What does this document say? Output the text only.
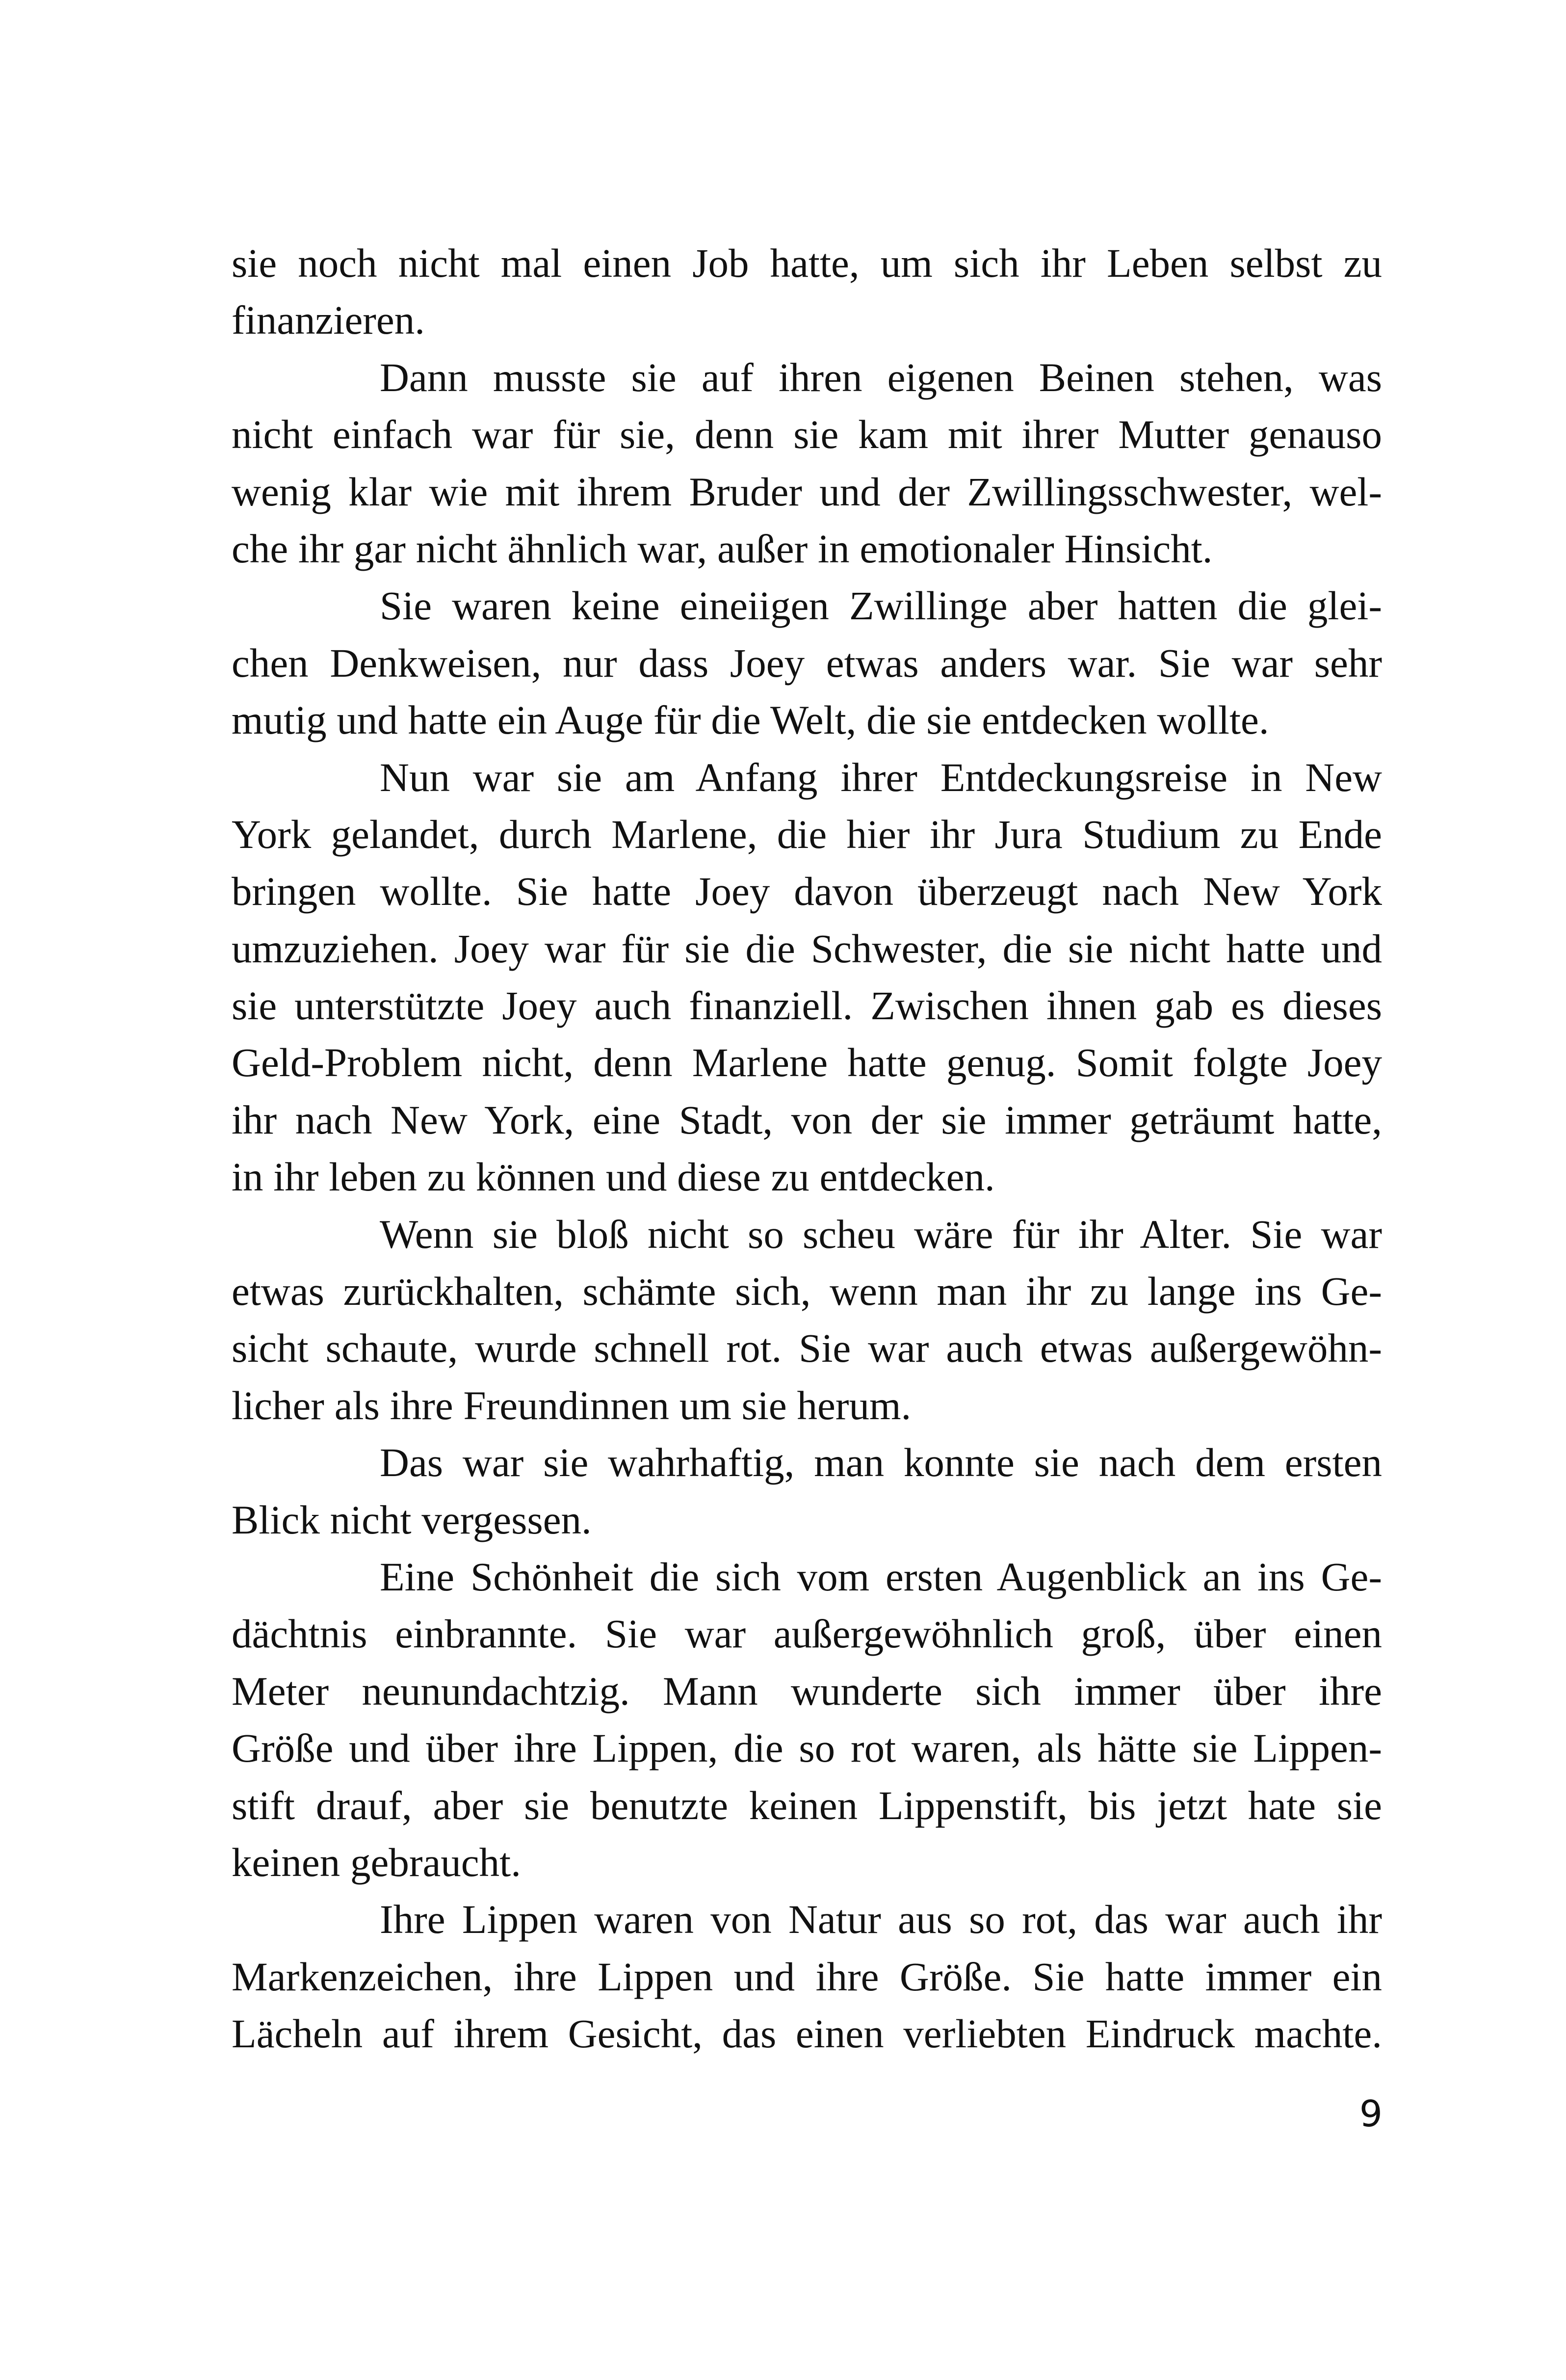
sie noch nicht mal einen Job hatte, um sich ihr Leben selbst zu
finanzieren.
Dann musste sie auf ihren eigenen Beinen stehen, was
nicht einfach war für sie, denn sie kam mit ihrer Mutter genauso
wenig klar wie mit ihrem Bruder und der Zwillingsschwester, wel-
che ihr gar nicht ähnlich war, außer in emotionaler Hinsicht.
Sie waren keine eineiigen Zwillinge aber hatten die glei-
chen Denkweisen, nur dass Joey etwas anders war. Sie war sehr
mutig und hatte ein Auge für die Welt, die sie entdecken wollte.
Nun war sie am Anfang ihrer Entdeckungsreise in New
York gelandet, durch Marlene, die hier ihr Jura Studium zu Ende
bringen wollte. Sie hatte Joey davon überzeugt nach New York
umzuziehen. Joey war für sie die Schwester, die sie nicht hatte und
sie unterstützte Joey auch finanziell. Zwischen ihnen gab es dieses
Geld-Problem nicht, denn Marlene hatte genug. Somit folgte Joey
ihr nach New York, eine Stadt, von der sie immer geträumt hatte,
in ihr leben zu können und diese zu entdecken.
Wenn sie bloß nicht so scheu wäre für ihr Alter. Sie war
etwas zurückhalten, schämte sich, wenn man ihr zu lange ins Ge-
sicht schaute, wurde schnell rot. Sie war auch etwas außergewöhn-
licher als ihre Freundinnen um sie herum.
Das war sie wahrhaftig, man konnte sie nach dem ersten
Blick nicht vergessen.
Eine Schönheit die sich vom ersten Augenblick an ins Ge-
dächtnis einbrannte. Sie war außergewöhnlich groß, über einen
Meter neunundachtzig. Mann wunderte sich immer über ihre
Größe und über ihre Lippen, die so rot waren, als hätte sie Lippen-
stift drauf, aber sie benutzte keinen Lippenstift, bis jetzt hate sie
keinen gebraucht.
Ihre Lippen waren von Natur aus so rot, das war auch ihr
Markenzeichen, ihre Lippen und ihre Größe. Sie hatte immer ein
Lächeln auf ihrem Gesicht, das einen verliebten Eindruck machte.
9
